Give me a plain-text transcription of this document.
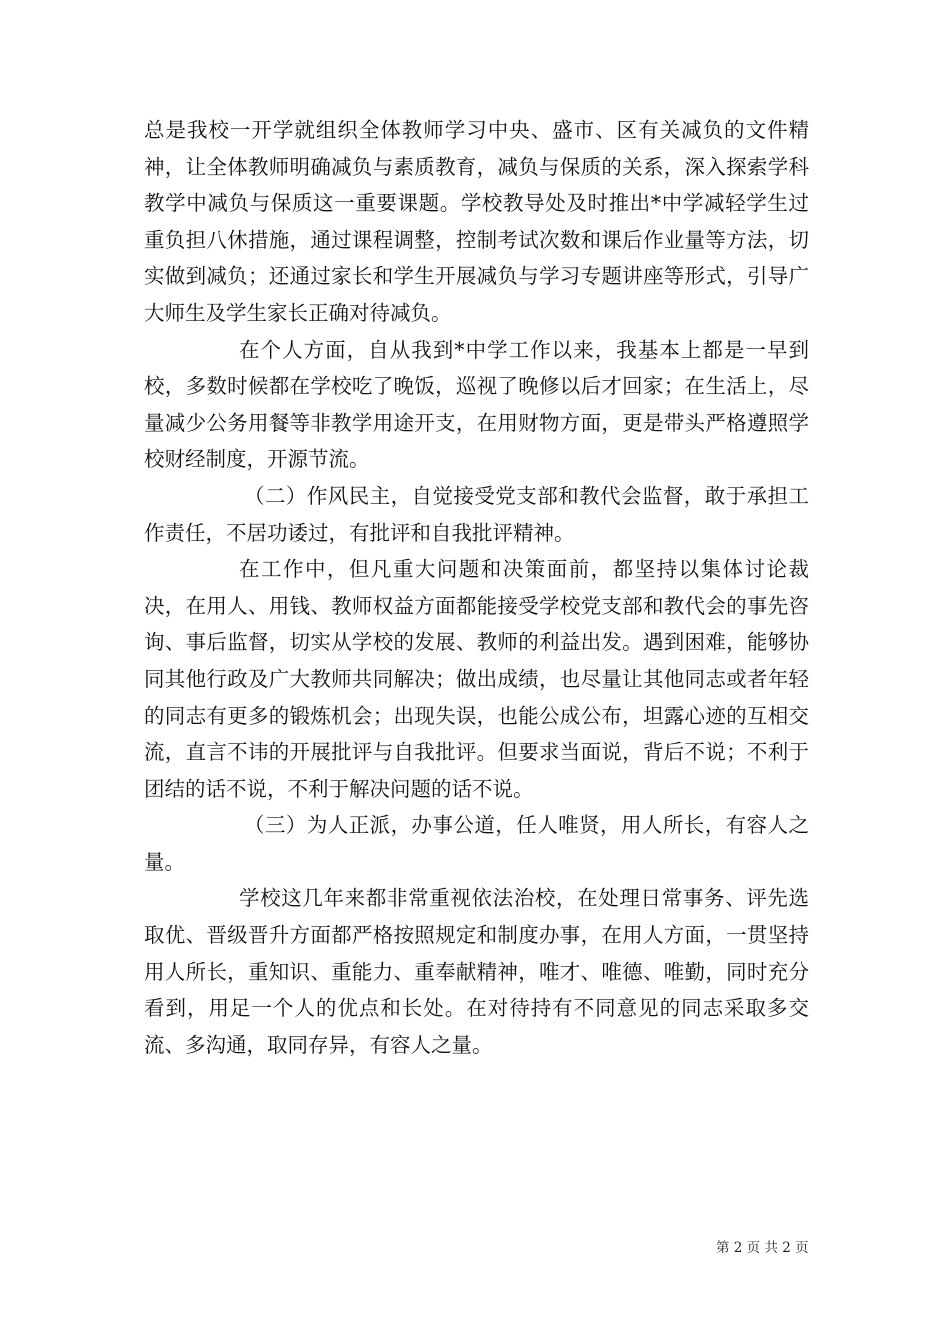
总是我校一开学就组织全体教师学习中央、盛市、区有关减负的文件精神，让全体教师明确减负与素质教育，减负与保质的关系，深入探索学科教学中减负与保质这一重要课题。学校教导处及时推出*中学减轻学生过重负担八休措施，通过课程调整，控制考试次数和课后作业量等方法，切实做到减负；还通过家长和学生开展减负与学习专题讲座等形式，引导广大师生及学生家长正确对待减负。

在个人方面，自从我到*中学工作以来，我基本上都是一早到校，多数时候都在学校吃了晚饭，巡视了晚修以后才回家；在生活上，尽量减少公务用餐等非教学用途开支，在用财物方面，更是带头严格遵照学校财经制度，开源节流。

（二）作风民主，自觉接受党支部和教代会监督，敢于承担工作责任，不居功诿过，有批评和自我批评精神。

在工作中，但凡重大问题和决策面前，都坚持以集体讨论裁决，在用人、用钱、教师权益方面都能接受学校党支部和教代会的事先咨询、事后监督，切实从学校的发展、教师的利益出发。遇到困难，能够协同其他行政及广大教师共同解决；做出成绩，也尽量让其他同志或者年轻的同志有更多的锻炼机会；出现失误，也能公成公布，坦露心迹的互相交流，直言不讳的开展批评与自我批评。但要求当面说，背后不说；不利于团结的话不说，不利于解决问题的话不说。

（三）为人正派，办事公道，任人唯贤，用人所长，有容人之量。

学校这几年来都非常重视依法治校，在处理日常事务、评先选取优、晋级晋升方面都严格按照规定和制度办事，在用人方面，一贯坚持用人所长，重知识、重能力、重奉献精神，唯才、唯德、唯勤，同时充分看到，用足一个人的优点和长处。在对待持有不同意见的同志采取多交流、多沟通，取同存异，有容人之量。

第 2 页 共 2 页
